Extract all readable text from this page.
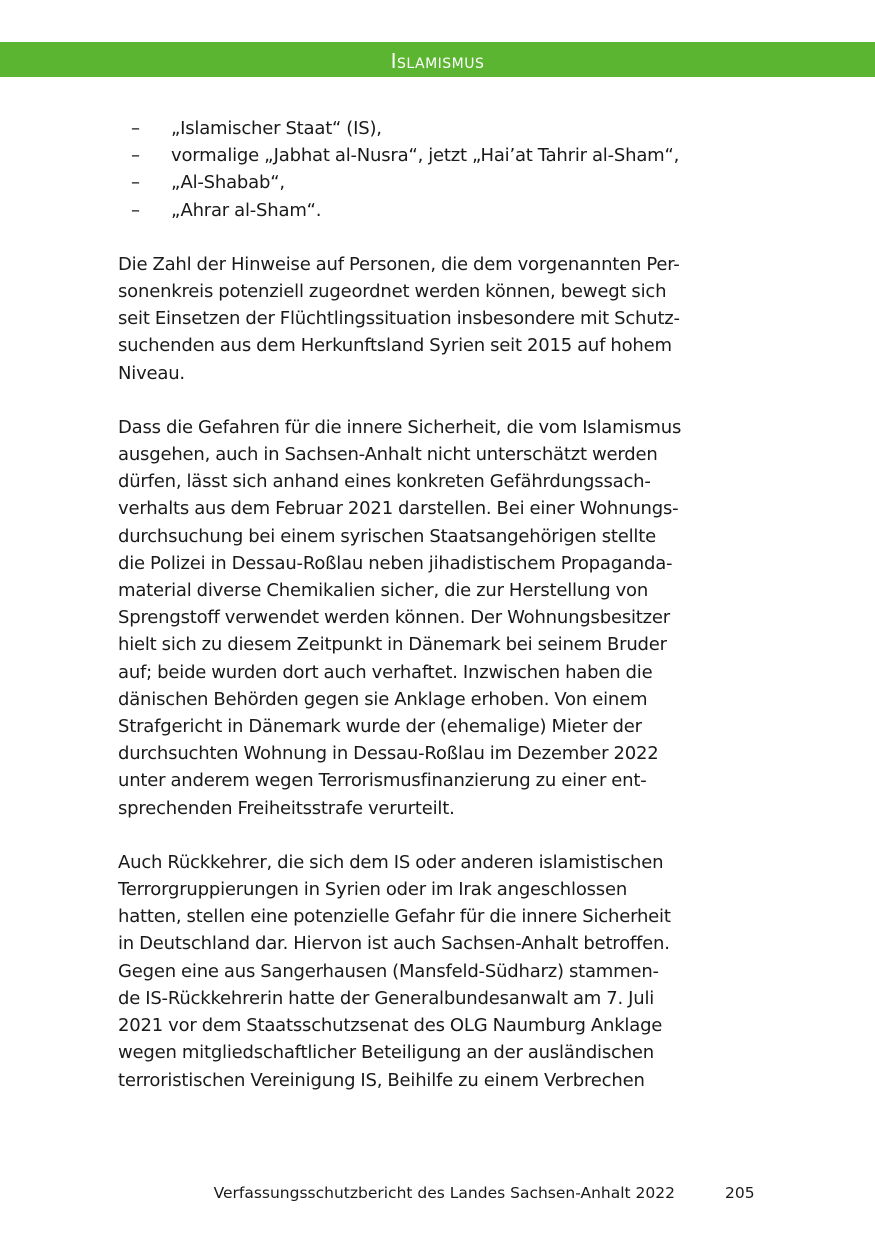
Islamismus
– „Islamischer Staat“ (IS),
– vormalige „Jabhat al-Nusra“, jetzt „Hai’at Tahrir al-Sham“,
– „Al-Shabab“,
– „Ahrar al-Sham“.

Die Zahl der Hinweise auf Personen, die dem vorgenannten Per-
sonenkreis potenziell zugeordnet werden können, bewegt sich
seit Einsetzen der Flüchtlingssituation insbesondere mit Schutz-
suchenden aus dem Herkunftsland Syrien seit 2015 auf hohem
Niveau.

Dass die Gefahren für die innere Sicherheit, die vom Islamismus
ausgehen, auch in Sachsen-Anhalt nicht unterschätzt werden
dürfen, lässt sich anhand eines konkreten Gefährdungssach-
verhalts aus dem Februar 2021 darstellen. Bei einer Wohnungs-
durchsuchung bei einem syrischen Staatsangehörigen stellte
die Polizei in Dessau-Roßlau neben jihadistischem Propaganda-
material diverse Chemikalien sicher, die zur Herstellung von
Sprengstoff verwendet werden können. Der Wohnungsbesitzer
hielt sich zu diesem Zeitpunkt in Dänemark bei seinem Bruder
auf; beide wurden dort auch verhaftet. Inzwischen haben die
dänischen Behörden gegen sie Anklage erhoben. Von einem
Strafgericht in Dänemark wurde der (ehemalige) Mieter der
durchsuchten Wohnung in Dessau-Roßlau im Dezember 2022
unter anderem wegen Terrorismusfinanzierung zu einer ent-
sprechenden Freiheitsstrafe verurteilt.

Auch Rückkehrer, die sich dem IS oder anderen islamistischen
Terrorgruppierungen in Syrien oder im Irak angeschlossen
hatten, stellen eine potenzielle Gefahr für die innere Sicherheit
in Deutschland dar. Hiervon ist auch Sachsen-Anhalt betroffen.
Gegen eine aus Sangerhausen (Mansfeld-Südharz) stammen-
de IS-Rückkehrerin hatte der Generalbundesanwalt am 7. Juli
2021 vor dem Staatsschutzsenat des OLG Naumburg Anklage
wegen mitgliedschaftlicher Beteiligung an der ausländischen
terroristischen Vereinigung IS, Beihilfe zu einem Verbrechen

Verfassungsschutzbericht des Landes Sachsen-Anhalt 2022	205
